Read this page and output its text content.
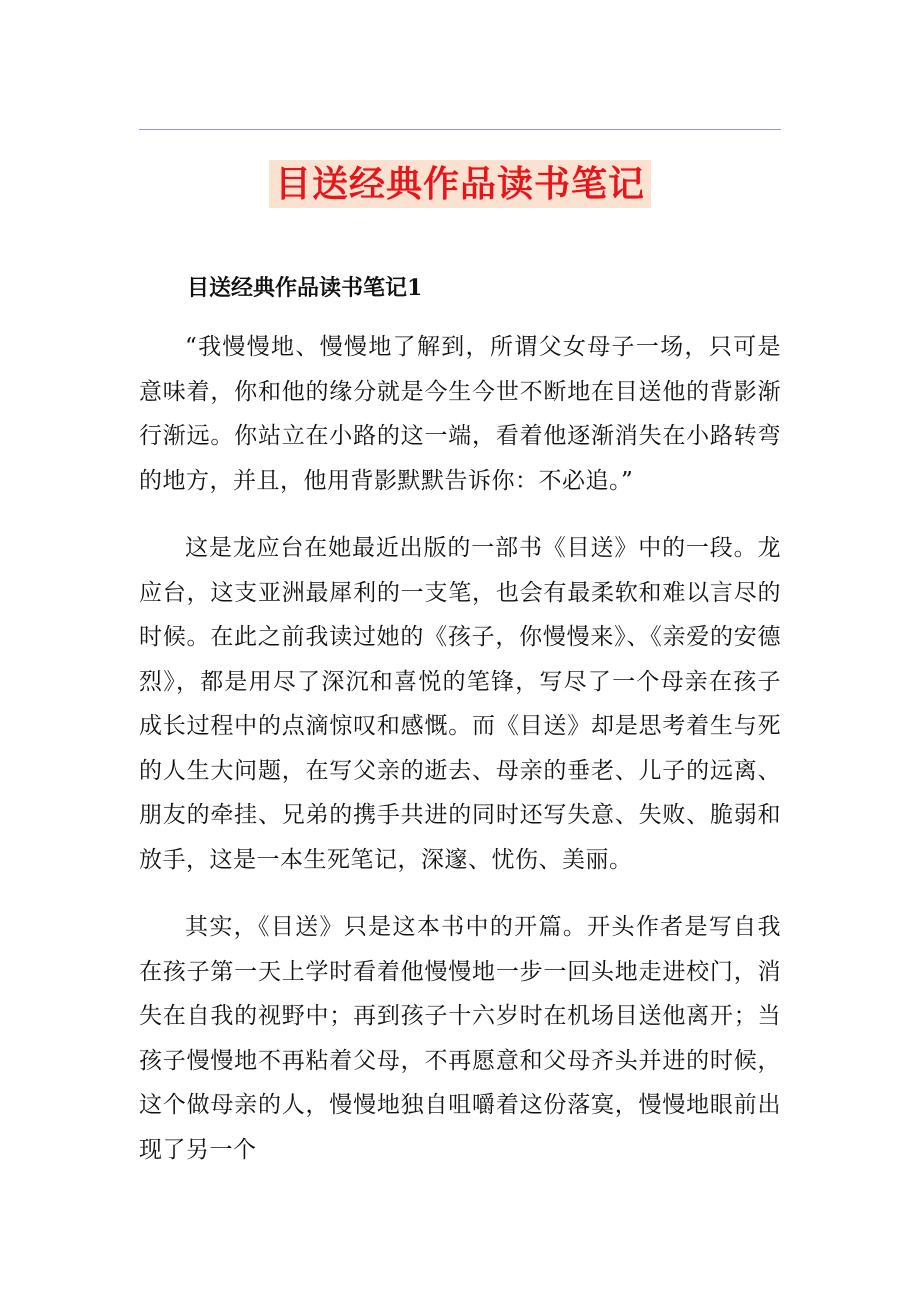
目送经典作品读书笔记
目送经典作品读书笔记1

“我慢慢地、慢慢地了解到，所谓父女母子一场，只可是意味着，你和他的缘分就是今生今世不断地在目送他的背影渐行渐远。你站立在小路的这一端，看着他逐渐消失在小路转弯的地方，并且，他用背影默默告诉你：不必追。”

这是龙应台在她最近出版的一部书《目送》中的一段。龙应台，这支亚洲最犀利的一支笔，也会有最柔软和难以言尽的时候。在此之前我读过她的《孩子，你慢慢来》、《亲爱的安德烈》，都是用尽了深沉和喜悦的笔锋，写尽了一个母亲在孩子成长过程中的点滴惊叹和感慨。而《目送》却是思考着生与死的人生大问题，在写父亲的逝去、母亲的垂老、儿子的远离、朋友的牵挂、兄弟的携手共进的同时还写失意、失败、脆弱和放手，这是一本生死笔记，深邃、忧伤、美丽。

其实，《目送》只是这本书中的开篇。开头作者是写自我在孩子第一天上学时看着他慢慢地一步一回头地走进校门，消失在自我的视野中；再到孩子十六岁时在机场目送他离开；当孩子慢慢地不再粘着父母，不再愿意和父母齐头并进的时候，这个做母亲的人，慢慢地独自咀嚼着这份落寞，慢慢地眼前出现了另一个
